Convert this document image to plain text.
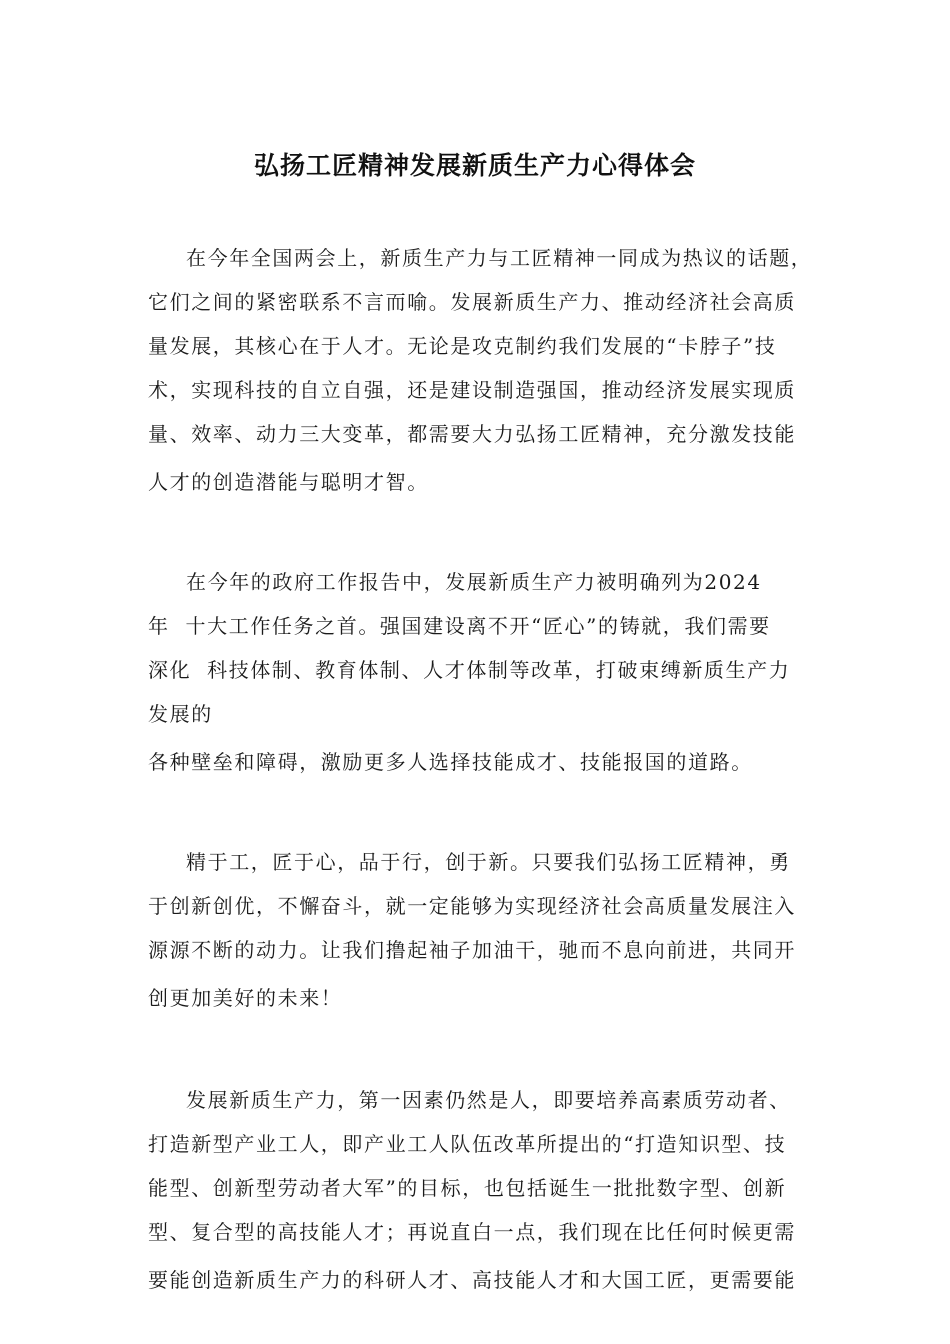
弘扬工匠精神发展新质生产力心得体会
在今年全国两会上，新质生产力与工匠精神一同成为热议的话题，
它们之间的紧密联系不言而喻。发展新质生产力、推动经济社会高质
量发展，其核心在于人才。无论是攻克制约我们发展的“卡脖子”技
术，实现科技的自立自强，还是建设制造强国，推动经济发展实现质
量、效率、动力三大变革，都需要大力弘扬工匠精神，充分激发技能
人才的创造潜能与聪明才智。
在今年的政府工作报告中，发展新质生产力被明确列为2024
年  十大工作任务之首。强国建设离不开“匠心”的铸就，我们需要
深化  科技体制、教育体制、人才体制等改革，打破束缚新质生产力
发展的
各种壁垒和障碍，激励更多人选择技能成才、技能报国的道路。
精于工，匠于心，品于行，创于新。只要我们弘扬工匠精神，勇
于创新创优，不懈奋斗，就一定能够为实现经济社会高质量发展注入
源源不断的动力。让我们撸起袖子加油干，驰而不息向前进，共同开
创更加美好的未来！
发展新质生产力，第一因素仍然是人，即要培养高素质劳动者、
打造新型产业工人，即产业工人队伍改革所提出的“打造知识型、技
能型、创新型劳动者大军”的目标，也包括诞生一批批数字型、创新
型、复合型的高技能人才；再说直白一点，我们现在比任何时候更需
要能创造新质生产力的科研人才、高技能人才和大国工匠，更需要能
